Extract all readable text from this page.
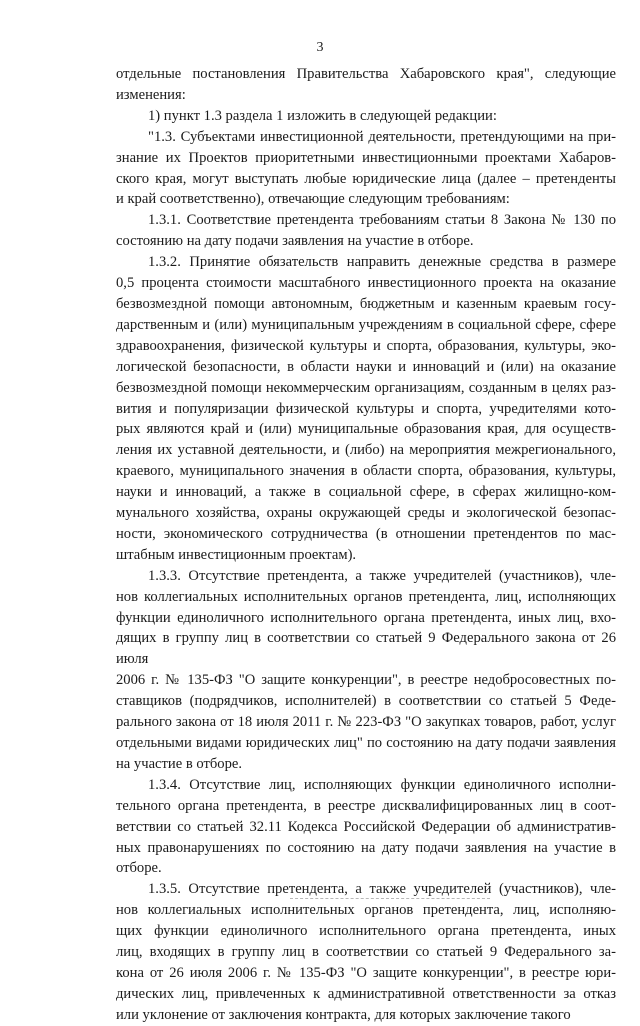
3

отдельные постановления Правительства Хабаровского края", следующие
изменения:

1) пункт 1.3 раздела 1 изложить в следующей редакции:

"1.3. Субъектами инвестиционной деятельности, претендующими на при-
знание их Проектов приоритетными инвестиционными проектами Хабаров-
ского края, могут выступать любые юридические лица (далее – претенденты
и край соответственно), отвечающие следующим требованиям:

1.3.1. Соответствие претендента требованиям статьи 8 Закона № 130 по
состоянию на дату подачи заявления на участие в отборе.

1.3.2. Принятие обязательств направить денежные средства в размере
0,5 процента стоимости масштабного инвестиционного проекта на оказание
безвозмездной помощи автономным, бюджетным и казенным краевым госу-
дарственным и (или) муниципальным учреждениям в социальной сфере, сфере
здравоохранения, физической культуры и спорта, образования, культуры, эко-
логической безопасности, в области науки и инноваций и (или) на оказание
безвозмездной помощи некоммерческим организациям, созданным в целях раз-
вития и популяризации физической культуры и спорта, учредителями кото-
рых являются край и (или) муниципальные образования края, для осуществ-
ления их уставной деятельности, и (либо) на мероприятия межрегионального,
краевого, муниципального значения в области спорта, образования, культуры,
науки и инноваций, а также в социальной сфере, в сферах жилищно-ком-
мунального хозяйства, охраны окружающей среды и экологической безопас-
ности, экономического сотрудничества (в отношении претендентов по мас-
штабным инвестиционным проектам).

1.3.3. Отсутствие претендента, а также учредителей (участников), чле-
нов коллегиальных исполнительных органов претендента, лиц, исполняющих
функции единоличного исполнительного органа претендента, иных лиц, вхо-
дящих в группу лиц в соответствии со статьей 9 Федерального закона от 26 июля
2006 г. № 135-ФЗ "О защите конкуренции", в реестре недобросовестных по-
ставщиков (подрядчиков, исполнителей) в соответствии со статьей 5 Феде-
рального закона от 18 июля 2011 г. № 223-ФЗ "О закупках товаров, работ, услуг
отдельными видами юридических лиц" по состоянию на дату подачи заявления
на участие в отборе.

1.3.4. Отсутствие лиц, исполняющих функции единоличного исполни-
тельного органа претендента, в реестре дисквалифицированных лиц в соот-
ветствии со статьей 32.11 Кодекса Российской Федерации об административ-
ных правонарушениях по состоянию на дату подачи заявления на участие в
отборе.

1.3.5. Отсутствие претендента, а также учредителей (участников), чле-
нов коллегиальных исполнительных органов претендента, лиц, исполняю-
щих функции единоличного исполнительного органа претендента, иных
лиц, входящих в группу лиц в соответствии со статьей 9 Федерального за-
кона от 26 июля 2006 г. № 135-ФЗ "О защите конкуренции", в реестре юри-
дических лиц, привлеченных к административной ответственности за отказ
или уклонение от заключения контракта, для которых заключение такого
